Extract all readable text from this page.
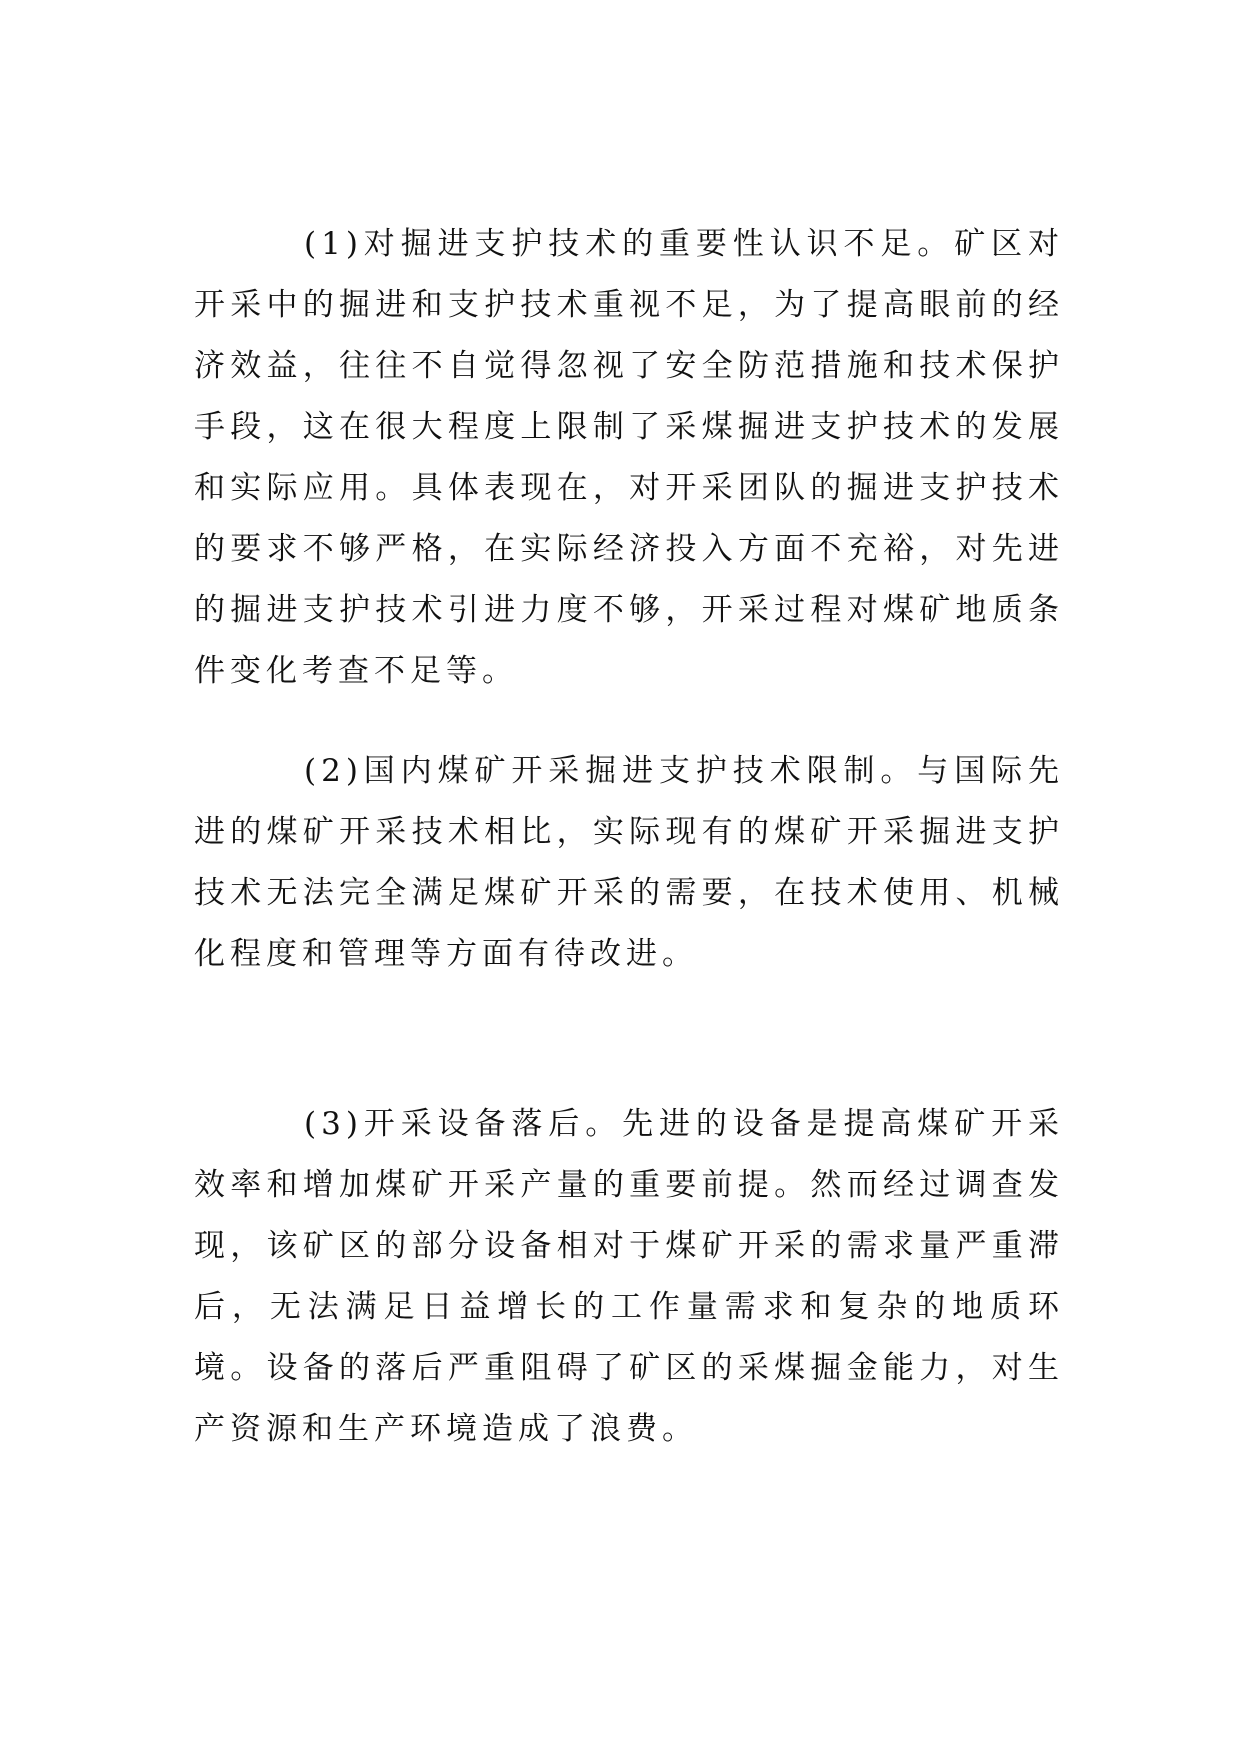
(1)对掘进支护技术的重要性认识不足。矿区对开采中的掘进和支护技术重视不足，为了提高眼前的经济效益，往往不自觉得忽视了安全防范措施和技术保护手段，这在很大程度上限制了采煤掘进支护技术的发展和实际应用。具体表现在，对开采团队的掘进支护技术的要求不够严格，在实际经济投入方面不充裕，对先进的掘进支护技术引进力度不够，开采过程对煤矿地质条件变化考查不足等。

(2)国内煤矿开采掘进支护技术限制。与国际先进的煤矿开采技术相比，实际现有的煤矿开采掘进支护技术无法完全满足煤矿开采的需要，在技术使用、机械化程度和管理等方面有待改进。

(3)开采设备落后。先进的设备是提高煤矿开采效率和增加煤矿开采产量的重要前提。然而经过调查发现，该矿区的部分设备相对于煤矿开采的需求量严重滞后，无法满足日益增长的工作量需求和复杂的地质环境。设备的落后严重阻碍了矿区的采煤掘金能力，对生产资源和生产环境造成了浪费。
